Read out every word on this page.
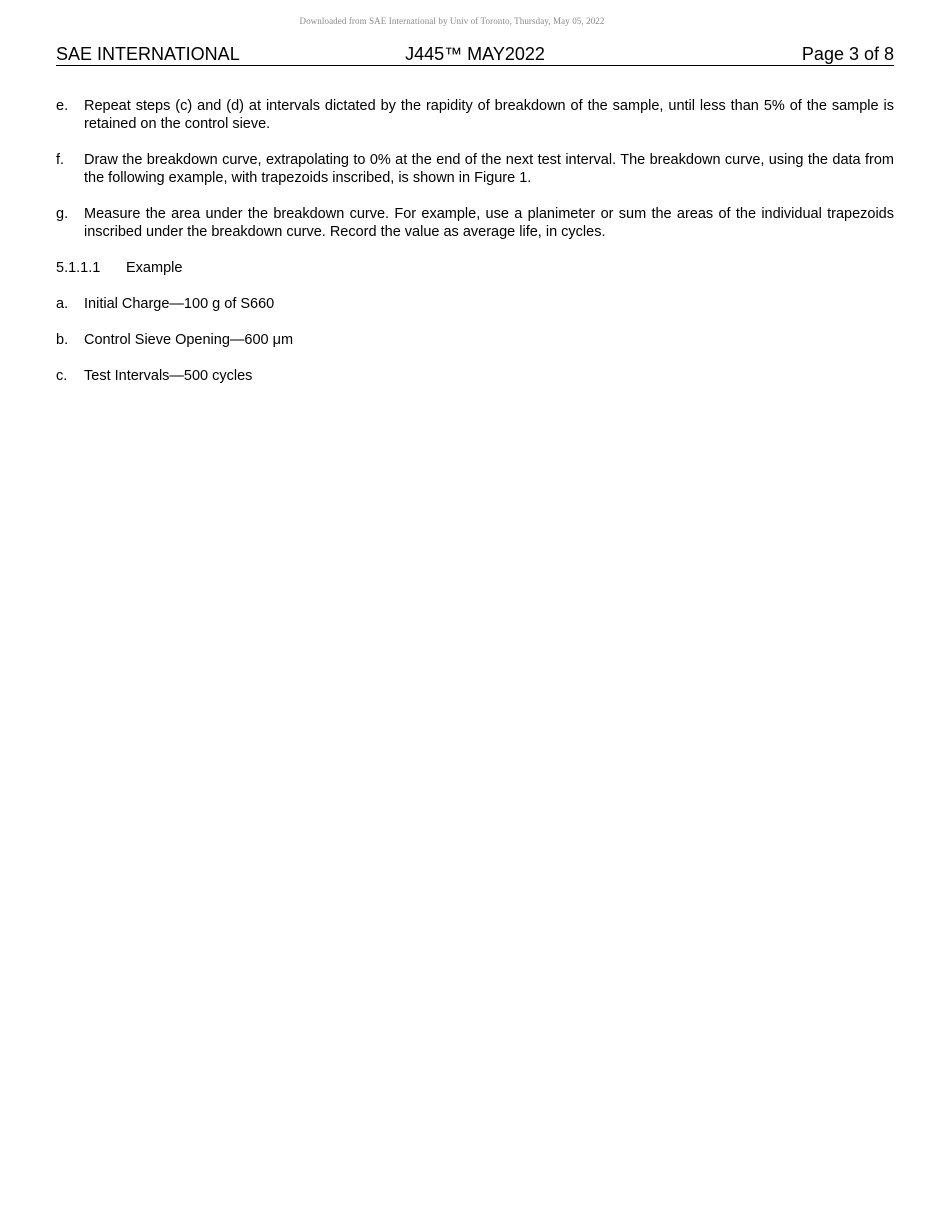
Downloaded from SAE International by Univ of Toronto, Thursday, May 05, 2022
SAE INTERNATIONAL	J445™ MAY2022	Page 3 of 8
e.	Repeat steps (c) and (d) at intervals dictated by the rapidity of breakdown of the sample, until less than 5% of the sample is retained on the control sieve.
f.	Draw the breakdown curve, extrapolating to 0% at the end of the next test interval. The breakdown curve, using the data from the following example, with trapezoids inscribed, is shown in Figure 1.
g.	Measure the area under the breakdown curve. For example, use a planimeter or sum the areas of the individual trapezoids inscribed under the breakdown curve. Record the value as average life, in cycles.
5.1.1.1	Example
a.	Initial Charge—100 g of S660
b.	Control Sieve Opening—600 μm
c.	Test Intervals—500 cycles
